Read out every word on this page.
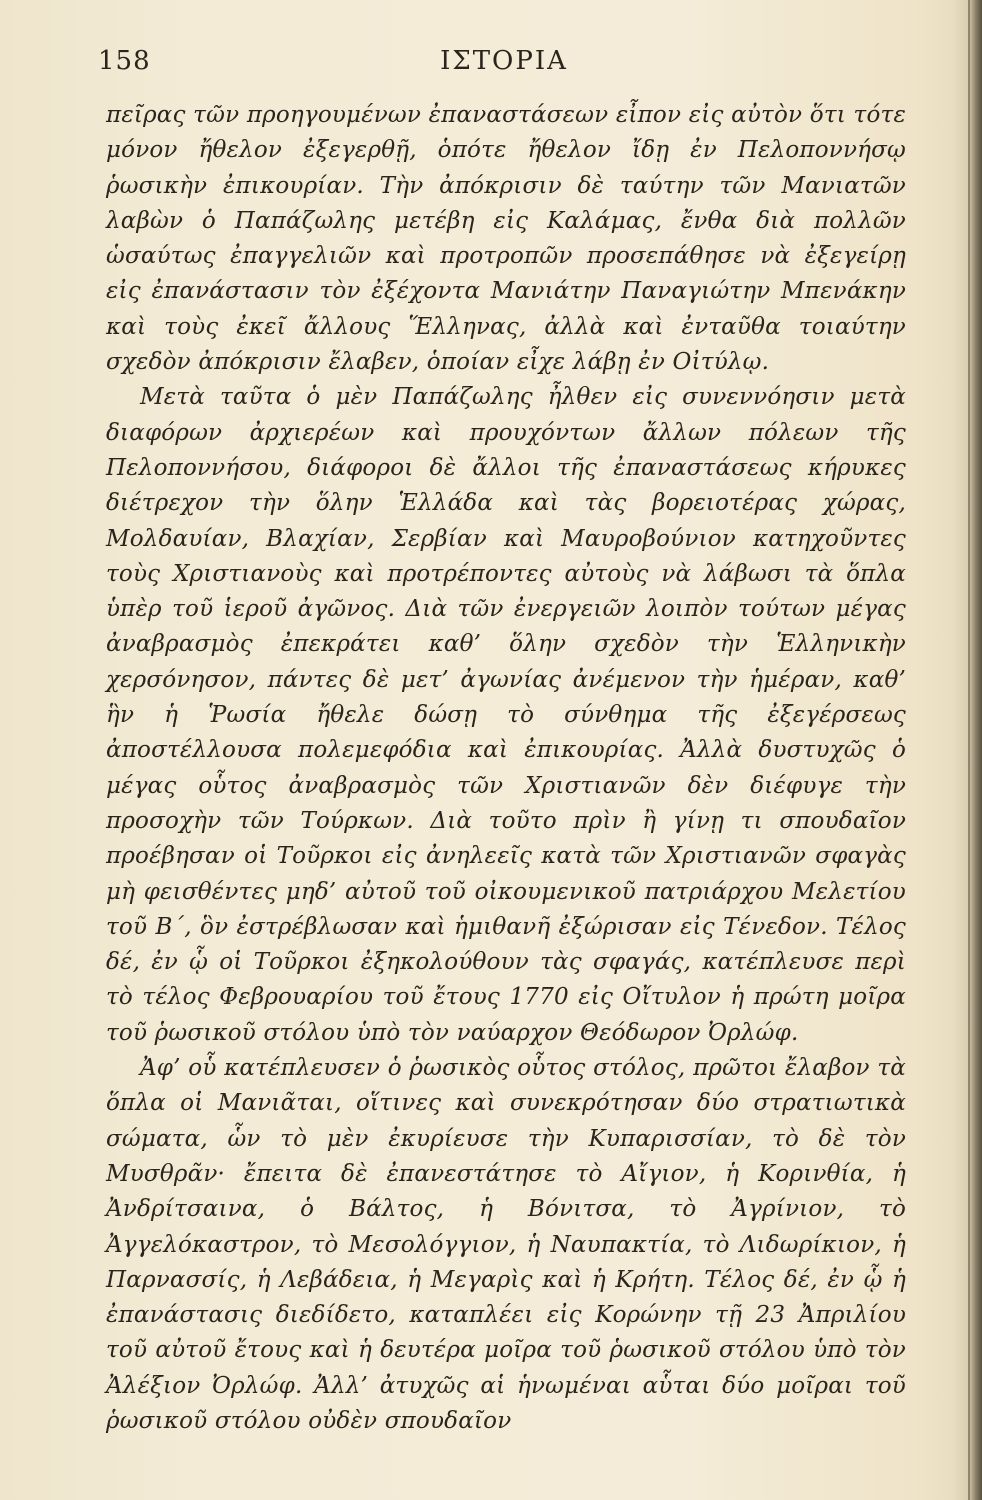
158	ΙΣΤΟΡΙΑ

πεῖρας τῶν προηγουμένων ἐπαναστάσεων εἶπον εἰς αὐτὸν ὅτι τότε μόνον ἤθελον ἐξεγερθῇ, ὁπότε ἤθελον ἴδῃ ἐν Πελοποννήσῳ ῥωσικὴν ἐπικουρίαν. Τὴν ἀπόκρισιν δὲ ταύτην τῶν Μανιατῶν λαβὼν ὁ Παπάζωλης μετέβη εἰς Καλάμας, ἔνθα διὰ πολλῶν ὡσαύτως ἐπαγγελιῶν καὶ προτροπῶν προσεπάθησε νὰ ἐξεγείρῃ εἰς ἐπανάστασιν τὸν ἐξέχοντα Μανιάτην Παναγιώτην Μπενάκην καὶ τοὺς ἐκεῖ ἄλλους Ἕλληνας, ἀλλὰ καὶ ἐνταῦθα τοιαύτην σχεδὸν ἀπόκρισιν ἔλαβεν, ὁποίαν εἶχε λάβῃ ἐν Οἰτύλῳ.

Μετὰ ταῦτα ὁ μὲν Παπάζωλης ἦλθεν εἰς συνεννόησιν μετὰ διαφόρων ἀρχιερέων καὶ προυχόντων ἄλλων πόλεων τῆς Πελοποννήσου, διάφοροι δὲ ἄλλοι τῆς ἐπαναστάσεως κήρυκες διέτρεχον τὴν ὅλην Ἑλλάδα καὶ τὰς βορειοτέρας χώρας, Μολδαυίαν, Βλαχίαν, Σερβίαν καὶ Μαυροβούνιον κατηχοῦντες τοὺς Χριστιανοὺς καὶ προτρέποντες αὐτοὺς νὰ λάβωσι τὰ ὅπλα ὑπὲρ τοῦ ἱεροῦ ἀγῶνος. Διὰ τῶν ἐνεργειῶν λοιπὸν τούτων μέγας ἀναβρασμὸς ἐπεκράτει καθ’ ὅλην σχεδὸν τὴν Ἑλληνικὴν χερσόνησον, πάντες δὲ μετ’ ἀγωνίας ἀνέμενον τὴν ἡμέραν, καθ’ ἣν ἡ Ῥωσία ἤθελε δώσῃ τὸ σύνθημα τῆς ἐξεγέρσεως ἀποστέλλουσα πολεμεφόδια καὶ ἐπικουρίας. Ἀλλὰ δυστυχῶς ὁ μέγας οὗτος ἀναβρασμὸς τῶν Χριστιανῶν δὲν διέφυγε τὴν προσοχὴν τῶν Τούρκων. Διὰ τοῦτο πρὶν ἢ γίνῃ τι σπουδαῖον προέβησαν οἱ Τοῦρκοι εἰς ἀνηλεεῖς κατὰ τῶν Χριστιανῶν σφαγὰς μὴ φεισθέντες μηδ’ αὐτοῦ τοῦ οἰκουμενικοῦ πατριάρχου Μελετίου τοῦ Β΄, ὃν ἐστρέβλωσαν καὶ ἡμιθανῆ ἐξώρισαν εἰς Τένεδον. Τέλος δέ, ἐν ᾧ οἱ Τοῦρκοι ἐξηκολούθουν τὰς σφαγάς, κατέπλευσε περὶ τὸ τέλος Φεβρουαρίου τοῦ ἔτους 1770 εἰς Οἴτυλον ἡ πρώτη μοῖρα τοῦ ῥωσικοῦ στόλου ὑπὸ τὸν ναύαρχον Θεόδωρον Ὀρλώφ.

Ἀφ’ οὗ κατέπλευσεν ὁ ῥωσικὸς οὗτος στόλος, πρῶτοι ἔλαβον τὰ ὅπλα οἱ Μανιᾶται, οἵτινες καὶ συνεκρότησαν δύο στρατιωτικὰ σώματα, ὧν τὸ μὲν ἐκυρίευσε τὴν Κυπαρισσίαν, τὸ δὲ τὸν Μυσθρᾶν· ἔπειτα δὲ ἐπανεστάτησε τὸ Αἴγιον, ἡ Κορινθία, ἡ Ἀνδρίτσαινα, ὁ Βάλτος, ἡ Βόνιτσα, τὸ Ἀγρίνιον, τὸ Ἀγγελόκαστρον, τὸ Μεσολόγγιον, ἡ Ναυπακτία, τὸ Λιδωρίκιον, ἡ Παρνασσίς, ἡ Λεβάδεια, ἡ Μεγαρὶς καὶ ἡ Κρήτη. Τέλος δέ, ἐν ᾧ ἡ ἐπανάστασις διεδίδετο, καταπλέει εἰς Κορώνην τῇ 23 Ἀπριλίου τοῦ αὐτοῦ ἔτους καὶ ἡ δευτέρα μοῖρα τοῦ ῥωσικοῦ στόλου ὑπὸ τὸν Ἀλέξιον Ὀρλώφ. Ἀλλ’ ἀτυχῶς αἱ ἡνωμέναι αὗται δύο μοῖραι τοῦ ῥωσικοῦ στόλου οὐδὲν σπουδαῖον
